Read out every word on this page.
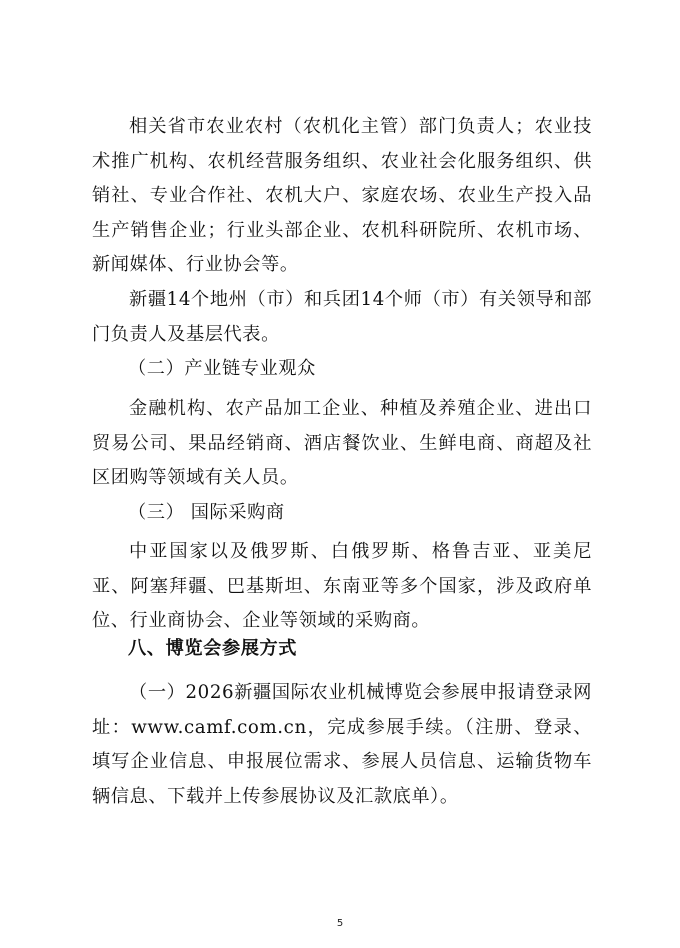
相关省市农业农村（农机化主管）部门负责人；农业技术推广机构、农机经营服务组织、农业社会化服务组织、供销社、专业合作社、农机大户、家庭农场、农业生产投入品生产销售企业；行业头部企业、农机科研院所、农机市场、新闻媒体、行业协会等。

新疆14个地州（市）和兵团14个师（市）有关领导和部门负责人及基层代表。

（二）产业链专业观众

金融机构、农产品加工企业、种植及养殖企业、进出口贸易公司、果品经销商、酒店餐饮业、生鲜电商、商超及社区团购等领域有关人员。

（三） 国际采购商

中亚国家以及俄罗斯、白俄罗斯、格鲁吉亚、亚美尼亚、阿塞拜疆、巴基斯坦、东南亚等多个国家，涉及政府单位、行业商协会、企业等领域的采购商。

八、博览会参展方式

（一）2026新疆国际农业机械博览会参展申报请登录网址：www.camf.com.cn，完成参展手续。（注册、登录、填写企业信息、申报展位需求、参展人员信息、运输货物车辆信息、下载并上传参展协议及汇款底单）。

5
